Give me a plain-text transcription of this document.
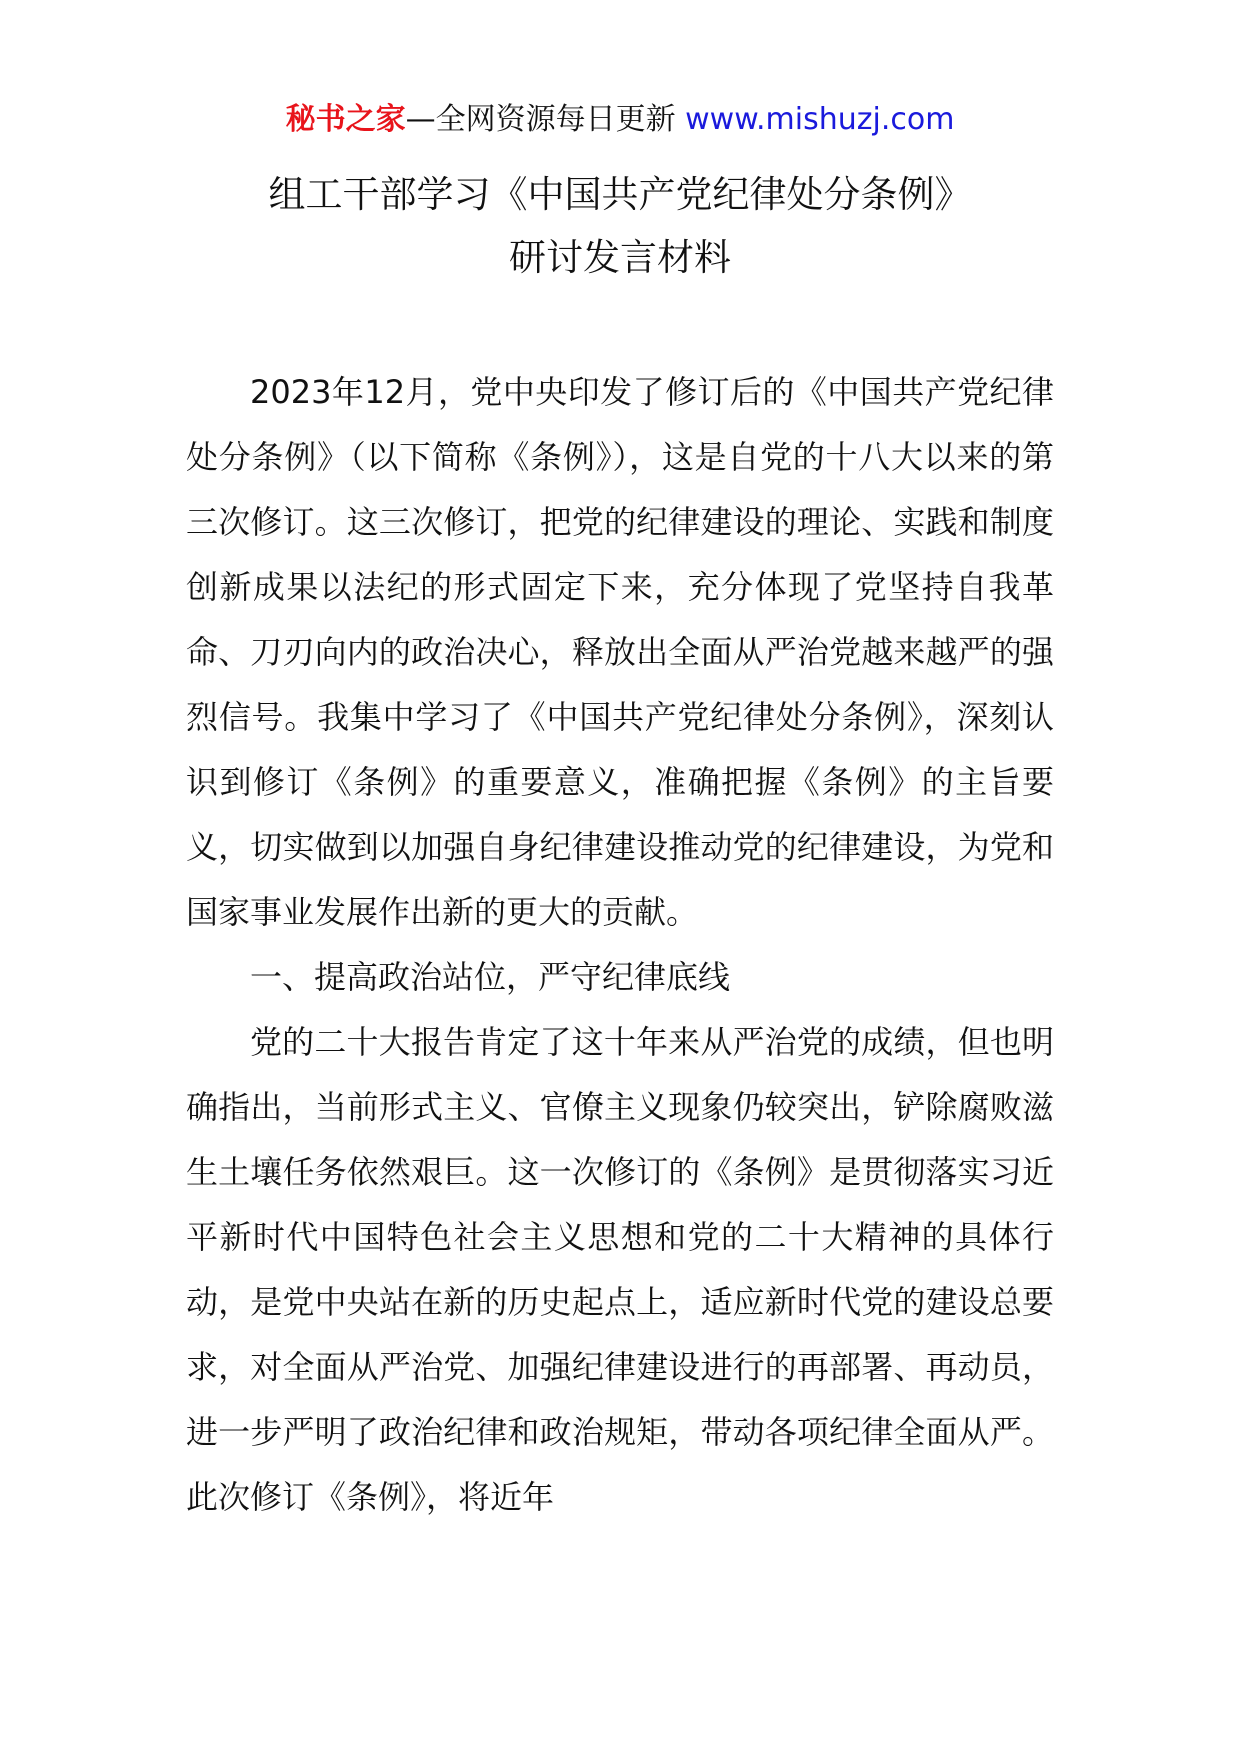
秘书之家—全网资源每日更新 www.mishuzj.com
组工干部学习《中国共产党纪律处分条例》
研讨发言材料

2023年12月，党中央印发了修订后的《中国共产党纪律处分条例》（以下简称《条例》），这是自党的十八大以来的第三次修订。这三次修订，把党的纪律建设的理论、实践和制度创新成果以法纪的形式固定下来，充分体现了党坚持自我革命、刀刃向内的政治决心，释放出全面从严治党越来越严的强烈信号。我集中学习了《中国共产党纪律处分条例》，深刻认识到修订《条例》的重要意义，准确把握《条例》的主旨要义，切实做到以加强自身纪律建设推动党的纪律建设，为党和国家事业发展作出新的更大的贡献。

一、提高政治站位，严守纪律底线

党的二十大报告肯定了这十年来从严治党的成绩，但也明确指出，当前形式主义、官僚主义现象仍较突出，铲除腐败滋生土壤任务依然艰巨。这一次修订的《条例》是贯彻落实习近平新时代中国特色社会主义思想和党的二十大精神的具体行动，是党中央站在新的历史起点上，适应新时代党的建设总要求，对全面从严治党、加强纪律建设进行的再部署、再动员，进一步严明了政治纪律和政治规矩，带动各项纪律全面从严。此次修订《条例》，将近年
